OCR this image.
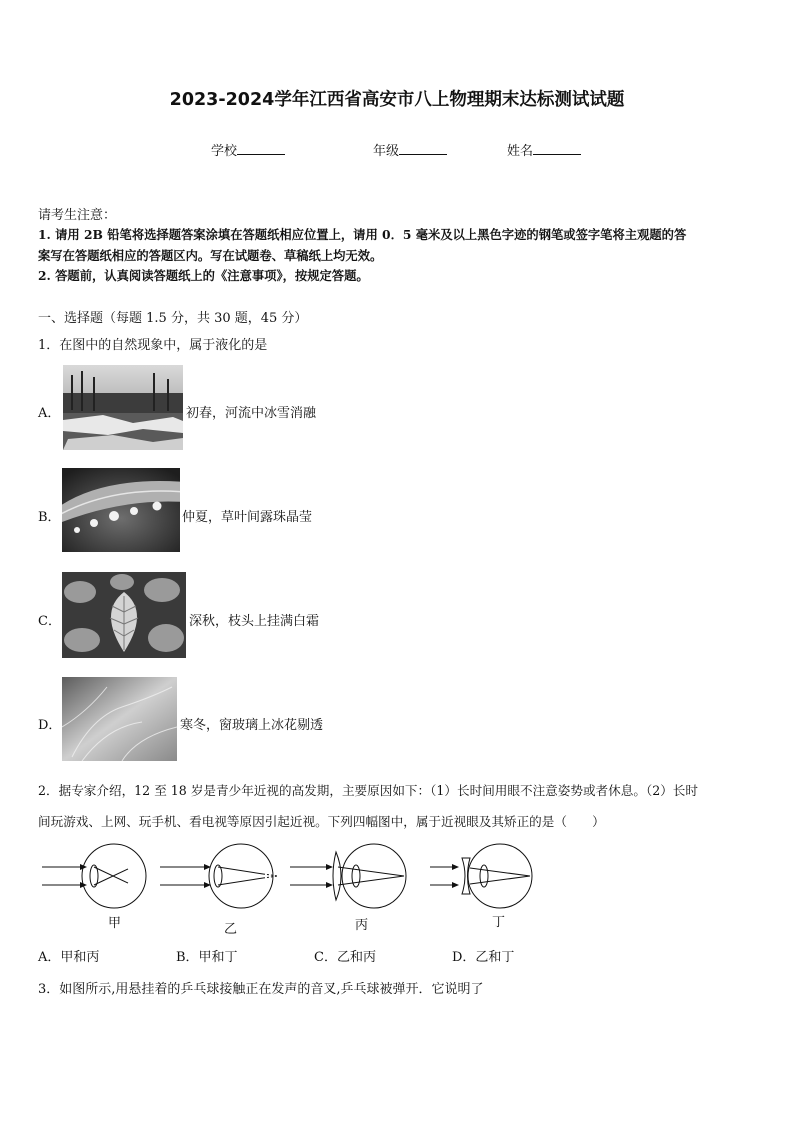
2023-2024学年江西省高安市八上物理期末达标测试试题
学校	年级	姓名
请考生注意：
1. 请用 2B 铅笔将选择题答案涂填在答题纸相应位置上，请用 0．5 毫米及以上黑色字迹的钢笔或签字笔将主观题的答
案写在答题纸相应的答题区内。写在试题卷、草稿纸上均无效。
2. 答题前，认真阅读答题纸上的《注意事项》，按规定答题。
一、选择题（每题 1.5 分，共 30 题，45 分）
1．在图中的自然现象中，属于液化的是
A．	初春，河流中冰雪消融
B．	仲夏，草叶间露珠晶莹
C．	深秋，枝头上挂满白霜
D．	寒冬，窗玻璃上冰花剔透
2．据专家介绍，12 至 18 岁是青少年近视的高发期，主要原因如下：（1）长时间用眼不注意姿势或者休息。（2）长时
间玩游戏、上网、玩手机、看电视等原因引起近视。下列四幅图中，属于近视眼及其矫正的是（　　）
甲	乙	丙	丁
A．甲和丙	B．甲和丁	C．乙和丙	D．乙和丁
3．如图所示,用悬挂着的乒乓球接触正在发声的音叉,乒乓球被弹开．它说明了
